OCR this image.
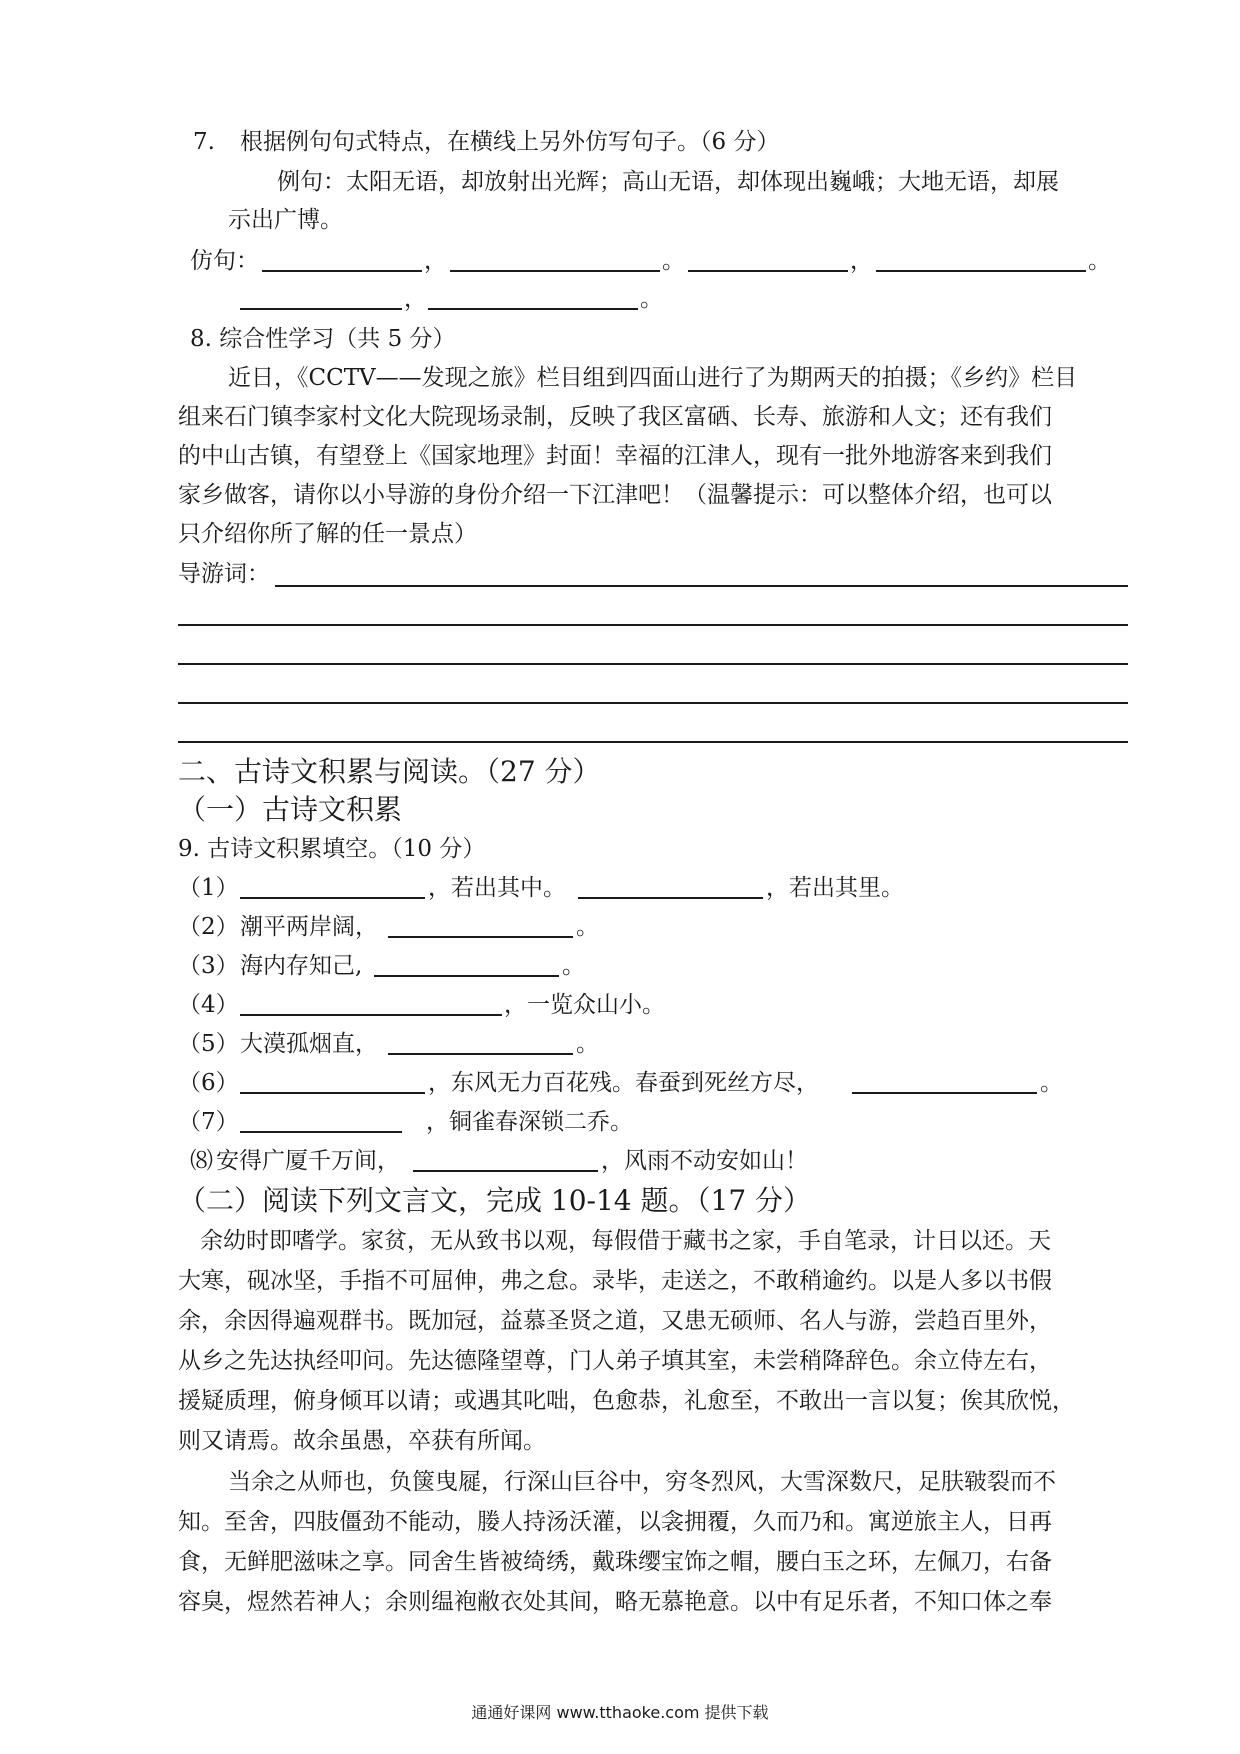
7. 根据例句句式特点，在横线上另外仿写句子。（6 分）
例句：太阳无语，却放射出光辉；高山无语，却体现出巍峨；大地无语，却展
示出广博。
仿句：	，	。	，	。
，	。
8. 综合性学习（共 5 分）
近日，《CCTV——发现之旅》栏目组到四面山进行了为期两天的拍摄；《乡约》栏目
组来石门镇李家村文化大院现场录制，反映了我区富硒、长寿、旅游和人文；还有我们
的中山古镇，有望登上《国家地理》封面！幸福的江津人，现有一批外地游客来到我们
家乡做客，请你以小导游的身份介绍一下江津吧！（温馨提示：可以整体介绍，也可以
只介绍你所了解的任一景点）
导游词：
二、古诗文积累与阅读。（27 分）
（一）古诗文积累
9. 古诗文积累填空。（10 分）
（1）	，若出其中。	，若出其里。
（2） 潮平两岸阔，	。
（3） 海内存知己,	。
（4）	，一览众山小。
（5） 大漠孤烟直，	。
（6）	，东风无力百花残。春蚕到死丝方尽，	。
（7）	，铜雀春深锁二乔。
⑻ 安得广厦千万间，	，风雨不动安如山！
（二）阅读下列文言文，完成 10-14 题。（17 分）
余幼时即嗜学。家贫，无从致书以观，每假借于藏书之家，手自笔录，计日以还。天
大寒，砚冰坚，手指不可屈伸，弗之怠。录毕，走送之，不敢稍逾约。以是人多以书假
余，余因得遍观群书。既加冠，益慕圣贤之道，又患无硕师、名人与游，尝趋百里外，
从乡之先达执经叩问。先达德隆望尊，门人弟子填其室，未尝稍降辞色。余立侍左右，
援疑质理，俯身倾耳以请；或遇其叱咄，色愈恭，礼愈至，不敢出一言以复；俟其欣悦，
则又请焉。故余虽愚，卒获有所闻。
当余之从师也，负箧曳屣，行深山巨谷中，穷冬烈风，大雪深数尺，足肤皲裂而不
知。至舍，四肢僵劲不能动，媵人持汤沃灌，以衾拥覆，久而乃和。寓逆旅主人，日再
食，无鲜肥滋味之享。同舍生皆被绮绣，戴珠缨宝饰之帽，腰白玉之环，左佩刀，右备
容臭，煜然若神人；余则缊袍敝衣处其间，略无慕艳意。以中有足乐者，不知口体之奉
通通好课网 www.tthaoke.com 提供下载
